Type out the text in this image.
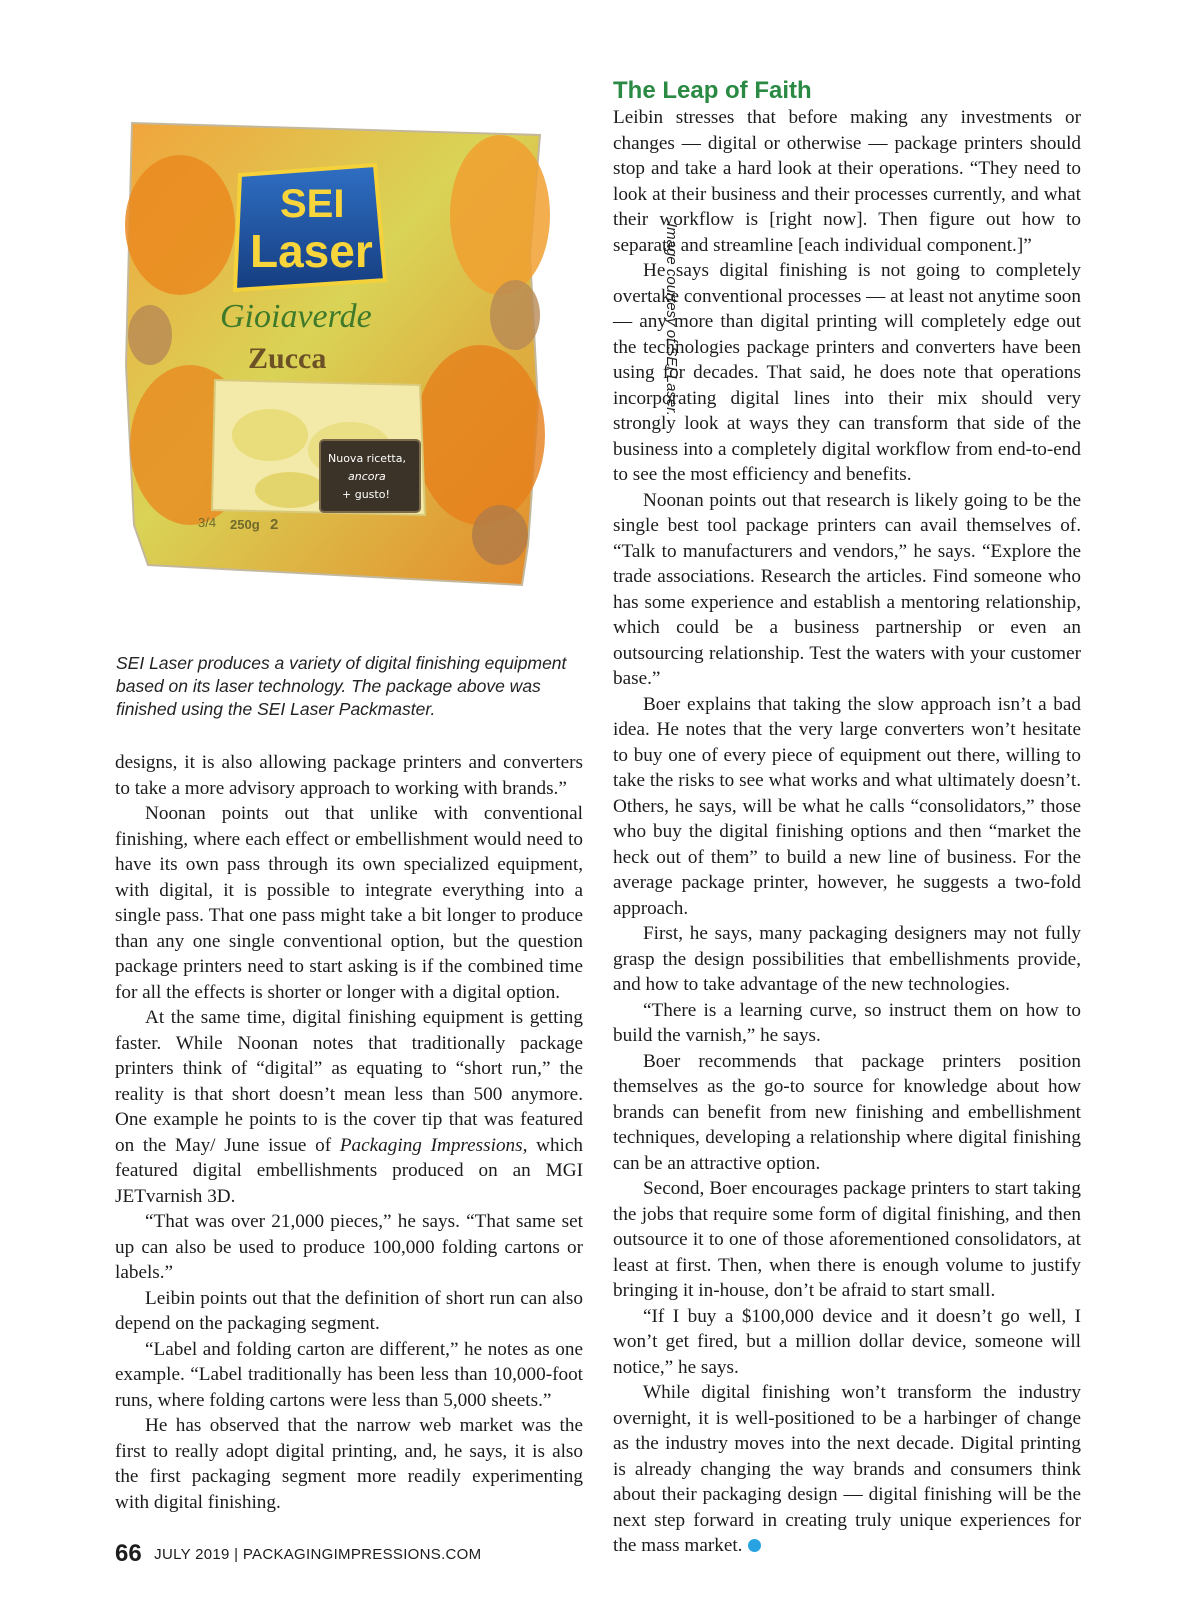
SEI
Laser
Gioiaverde
Zucca
Nuova ricetta,
ancora
+ gusto!
3/4 250g 2
Image courtesy of SEI Laser.
SEI Laser produces a variety of digital finishing equipment based on its laser technology. The package above was finished using the SEI Laser Packmaster.

designs, it is also allowing package printers and converters to take a more advisory approach to working with brands.”

Noonan points out that unlike with conventional finishing, where each effect or embellishment would need to have its own pass through its own specialized equipment, with digital, it is possible to integrate everything into a single pass. That one pass might take a bit longer to produce than any one single conventional option, but the question package printers need to start asking is if the combined time for all the effects is shorter or longer with a digital option.

At the same time, digital finishing equipment is getting faster. While Noonan notes that traditionally package printers think of “digital” as equating to “short run,” the reality is that short doesn’t mean less than 500 anymore. One example he points to is the cover tip that was featured on the May/ June issue of Packaging Impressions, which featured digital embellishments produced on an MGI JETvarnish 3D.

“That was over 21,000 pieces,” he says. “That same set up can also be used to produce 100,000 folding cartons or labels.”

Leibin points out that the definition of short run can also depend on the packaging segment.

“Label and folding carton are different,” he notes as one example. “Label traditionally has been less than 10,000-foot runs, where folding cartons were less than 5,000 sheets.”

He has observed that the narrow web market was the first to really adopt digital printing, and, he says, it is also the first packaging segment more readily experimenting with digital finishing.

The Leap of Faith

Leibin stresses that before making any investments or changes — digital or otherwise — package printers should stop and take a hard look at their operations. “They need to look at their business and their processes currently, and what their workflow is [right now]. Then figure out how to separate and streamline [each individual component.]”

He says digital finishing is not going to completely overtake conventional processes — at least not anytime soon — any more than digital printing will completely edge out the technologies package printers and converters have been using for decades. That said, he does note that operations incorporating digital lines into their mix should very strongly look at ways they can transform that side of the business into a completely digital workflow from end-to-end to see the most efficiency and benefits.

Noonan points out that research is likely going to be the single best tool package printers can avail themselves of. “Talk to manufacturers and vendors,” he says. “Explore the trade associations. Research the articles. Find someone who has some experience and establish a mentoring relationship, which could be a business partnership or even an outsourcing relationship. Test the waters with your customer base.”

Boer explains that taking the slow approach isn’t a bad idea. He notes that the very large converters won’t hesitate to buy one of every piece of equipment out there, willing to take the risks to see what works and what ultimately doesn’t. Others, he says, will be what he calls “consolidators,” those who buy the digital finishing options and then “market the heck out of them” to build a new line of business. For the average package printer, however, he suggests a two-fold approach.

First, he says, many packaging designers may not fully grasp the design possibilities that embellishments provide, and how to take advantage of the new technologies.

“There is a learning curve, so instruct them on how to build the varnish,” he says.

Boer recommends that package printers position themselves as the go-to source for knowledge about how brands can benefit from new finishing and embellishment techniques, developing a relationship where digital finishing can be an attractive option.

Second, Boer encourages package printers to start taking the jobs that require some form of digital finishing, and then outsource it to one of those aforementioned consolidators, at least at first. Then, when there is enough volume to justify bringing it in-house, don’t be afraid to start small.

“If I buy a $100,000 device and it doesn’t go well, I won’t get fired, but a million dollar device, someone will notice,” he says.

While digital finishing won’t transform the industry overnight, it is well-positioned to be a harbinger of change as the industry moves into the next decade. Digital printing is already changing the way brands and consumers think about their packaging design — digital finishing will be the next step forward in creating truly unique experiences for the mass market.

66 JULY 2019 | PACKAGINGIMPRESSIONS.COM
